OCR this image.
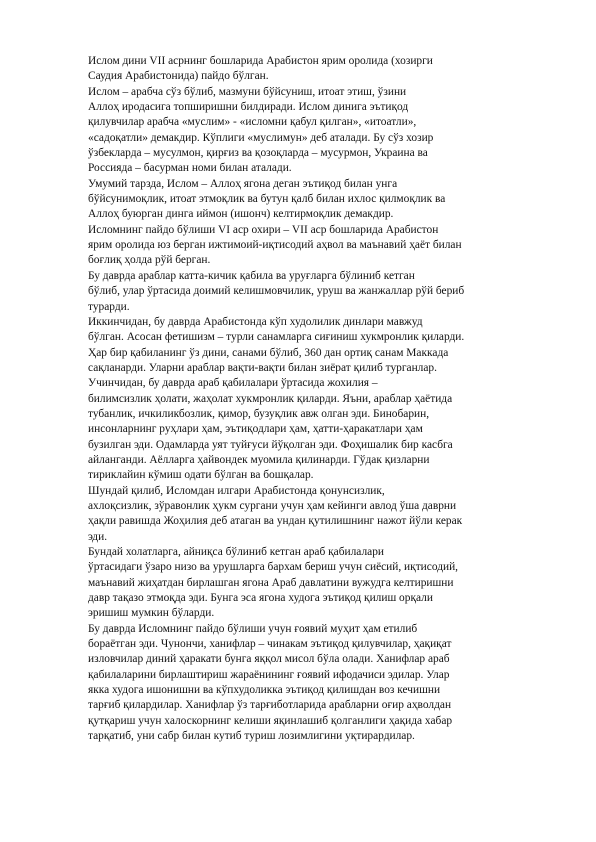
Ислом дини VII асрнинг бошларида Арабистон ярим оролида (хозирги
Саудия Арабистонида) пайдо бўлган.
Ислом – арабча сўз бўлиб, мазмуни бўйсуниш, итоат этиш, ўзини
Аллоҳ иродасига топширишни билдиради. Ислом динига эътиқод
қилувчилар арабча «муслим» - «исломни қабул қилган», «итоатли»,
«садоқатли» демакдир. Кўплиги «муслимун» деб аталади. Бу сўз хозир
ўзбекларда – мусулмон, қирғиз ва қозоқларда – мусурмон, Украина ва
Россияда – басурман номи билан аталади.
Умумий тарзда, Ислом – Аллоҳ ягона деган эътиқод билан унга
бўйсунимоқлик, итоат этмоқлик ва бутун қалб билан ихлос қилмоқлик ва
Аллоҳ буюрган динга иймон (ишонч) келтирмоқлик демакдир.
Исломнинг пайдо бўлиши VI аср охири – VII аср бошларида Арабистон
ярим оролида юз берган ижтимоий-иқтисодий аҳвол ва маънавий ҳаёт билан
боғлиқ ҳолда рўй берган.
Бу даврда араблар катта-кичик қабила ва уруғларга бўлиниб кетган
бўлиб, улар ўртасида доимий келишмовчилик, уруш ва жанжаллар рўй бериб
турарди.
Иккинчидан, бу даврда Арабистонда кўп худолилик динлари мавжуд
бўлган. Асосан фетишизм – турли санамларга сиғиниш хукмронлик қиларди.
Ҳар бир қабиланинг ўз дини, санами бўлиб, 360 дан ортиқ санам Маккада
сақланарди. Уларни араблар вақти-вақти билан зиёрат қилиб турганлар.
Учинчидан, бу даврда араб қабилалари ўртасида жохилия –
билимсизлик ҳолати, жаҳолат хукмронлик қиларди. Яъни, араблар ҳаётида
тубанлик, ичкиликбозлик, қимор, бузуқлик авж олган эди. Бинобарин,
инсонларнинг руҳлари ҳам, эътиқодлари ҳам, ҳатти-ҳаракатлари ҳам
бузилган эди. Одамларда уят туйғуси йўқолган эди. Фоҳишалик бир касбга
айланганди. Аёлларга ҳайвондек муомила қилинарди. Гўдак қизларни
тириклайин кўмиш одати бўлган ва бошқалар.
Шундай қилиб, Исломдан илгари Арабистонда қонунсизлик,
ахлоқсизлик, зўравонлик ҳукм сургани учун ҳам кейинги авлод ўша даврни
ҳақли равишда Жоҳилия деб атаган ва ундан қутилишнинг нажот йўли керак
эди.
Бундай холатларга, айниқса бўлиниб кетган араб қабилалари
ўртасидаги ўзаро низо ва урушларга бархам бериш учун сиёсий, иқтисодий,
маънавий жиҳатдан бирлашган ягона Араб давлатини вужудга келтиришни
давр тақазо этмоқда эди. Бунга эса ягона худога эътиқод қилиш орқали
эришиш мумкин бўларди.
Бу даврда Исломнинг пайдо бўлиши учун ғоявий муҳит ҳам етилиб
бораётган эди. Чунончи, ханифлар – чинакам эътиқод қилувчилар, ҳақиқат
изловчилар диний ҳаракати бунга яққол мисол бўла олади. Ханифлар араб
қабилаларини бирлаштириш жараёнининг ғоявий ифодачиси эдилар. Улар
якка худога ишонишни ва кўпхудоликка эътиқод қилишдан воз кечишни
тарғиб қилардилар. Ханифлар ўз тарғиботларида арабларни оғир аҳволдан
қутқариш учун халоскорнинг келиши яқинлашиб қолганлиги ҳақида хабар
тарқатиб, уни сабр билан кутиб туриш лозимлигини уқтирардилар.
